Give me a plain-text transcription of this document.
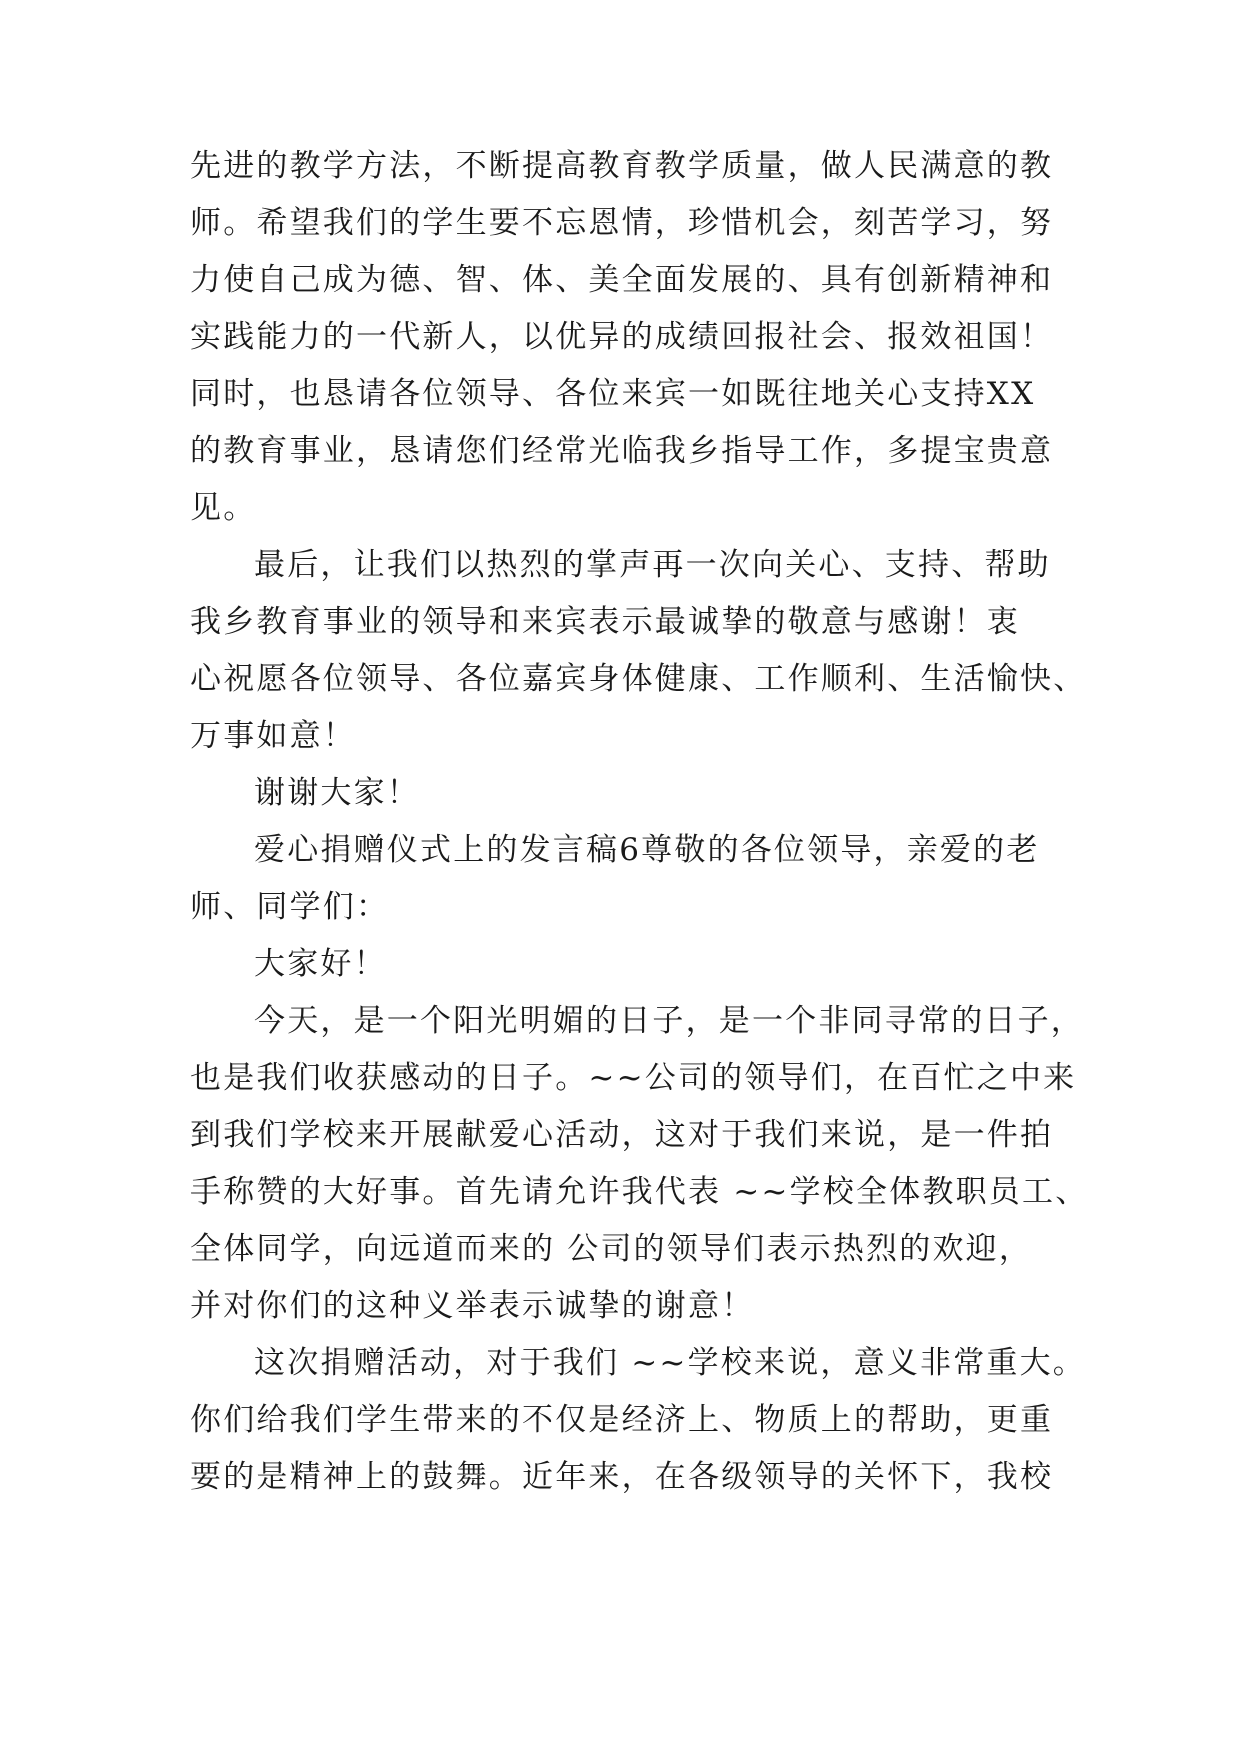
先进的教学方法，不断提高教育教学质量，做人民满意的教
师。希望我们的学生要不忘恩情，珍惜机会，刻苦学习，努
力使自己成为德、智、体、美全面发展的、具有创新精神和
实践能力的一代新人，以优异的成绩回报社会、报效祖国！
同时，也恳请各位领导、各位来宾一如既往地关心支持XX
的教育事业，恳请您们经常光临我乡指导工作，多提宝贵意
见。
最后，让我们以热烈的掌声再一次向关心、支持、帮助
我乡教育事业的领导和来宾表示最诚挚的敬意与感谢！衷
心祝愿各位领导、各位嘉宾身体健康、工作顺利、生活愉快、
万事如意！
谢谢大家！
爱心捐赠仪式上的发言稿6尊敬的各位领导，亲爱的老
师、同学们：
大家好！
今天，是一个阳光明媚的日子，是一个非同寻常的日子，
也是我们收获感动的日子。~~公司的领导们，在百忙之中来
到我们学校来开展献爱心活动，这对于我们来说，是一件拍
手称赞的大好事。首先请允许我代表 ~~学校全体教职员工、
全体同学，向远道而来的 公司的领导们表示热烈的欢迎，
并对你们的这种义举表示诚挚的谢意！
这次捐赠活动，对于我们 ~~学校来说，意义非常重大。
你们给我们学生带来的不仅是经济上、物质上的帮助，更重
要的是精神上的鼓舞。近年来，在各级领导的关怀下，我校
